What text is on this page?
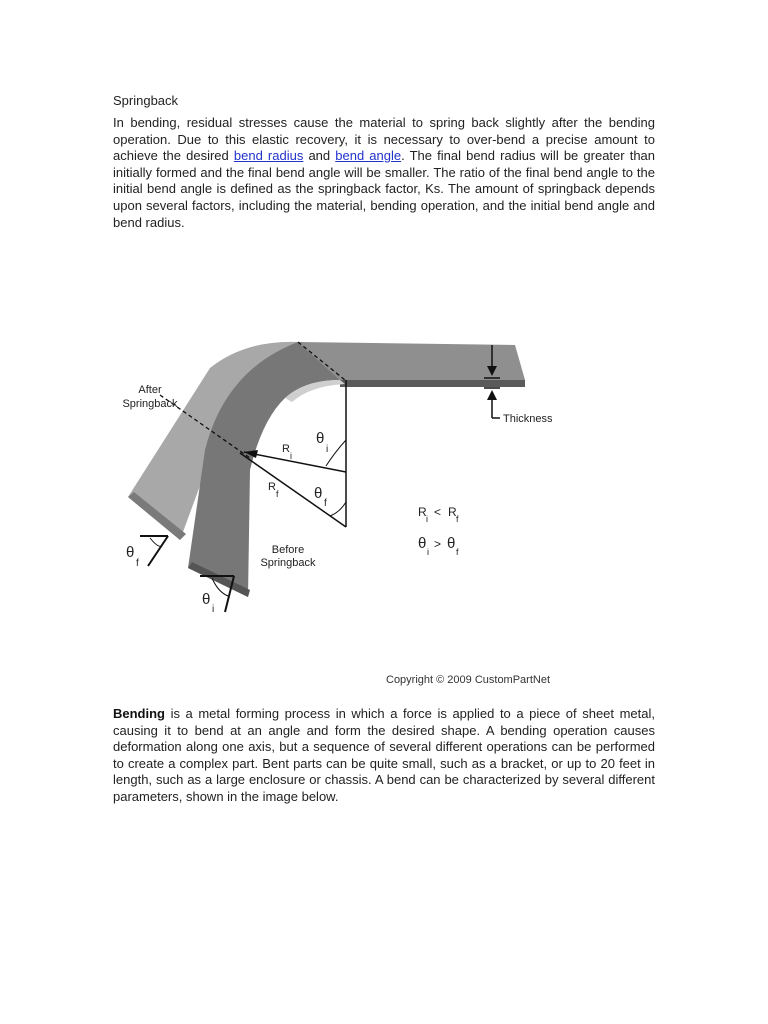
Springback

In bending, residual stresses cause the material to spring back slightly after the bending operation. Due to this elastic recovery, it is necessary to over-bend a precise amount to achieve the desired bend radius and bend angle. The final bend radius will be greater than initially formed and the final bend angle will be smaller. The ratio of the final bend angle to the initial bend angle is defined as the springback factor, Ks. The amount of springback depends upon several factors, including the material, bending operation, and the initial bend angle and bend radius.

After
Springback
Before
Springback
Thickness
θ
i
θ
f
R
i
R
f
θ
f
θ
i
R i < R f
θ i
> θ f
Copyright © 2009 CustomPartNet

Bending is a metal forming process in which a force is applied to a piece of sheet metal, causing it to bend at an angle and form the desired shape. A bending operation causes deformation along one axis, but a sequence of several different operations can be performed to create a complex part. Bent parts can be quite small, such as a bracket, or up to 20 feet in length, such as a large enclosure or chassis. A bend can be characterized by several different parameters, shown in the image below.
